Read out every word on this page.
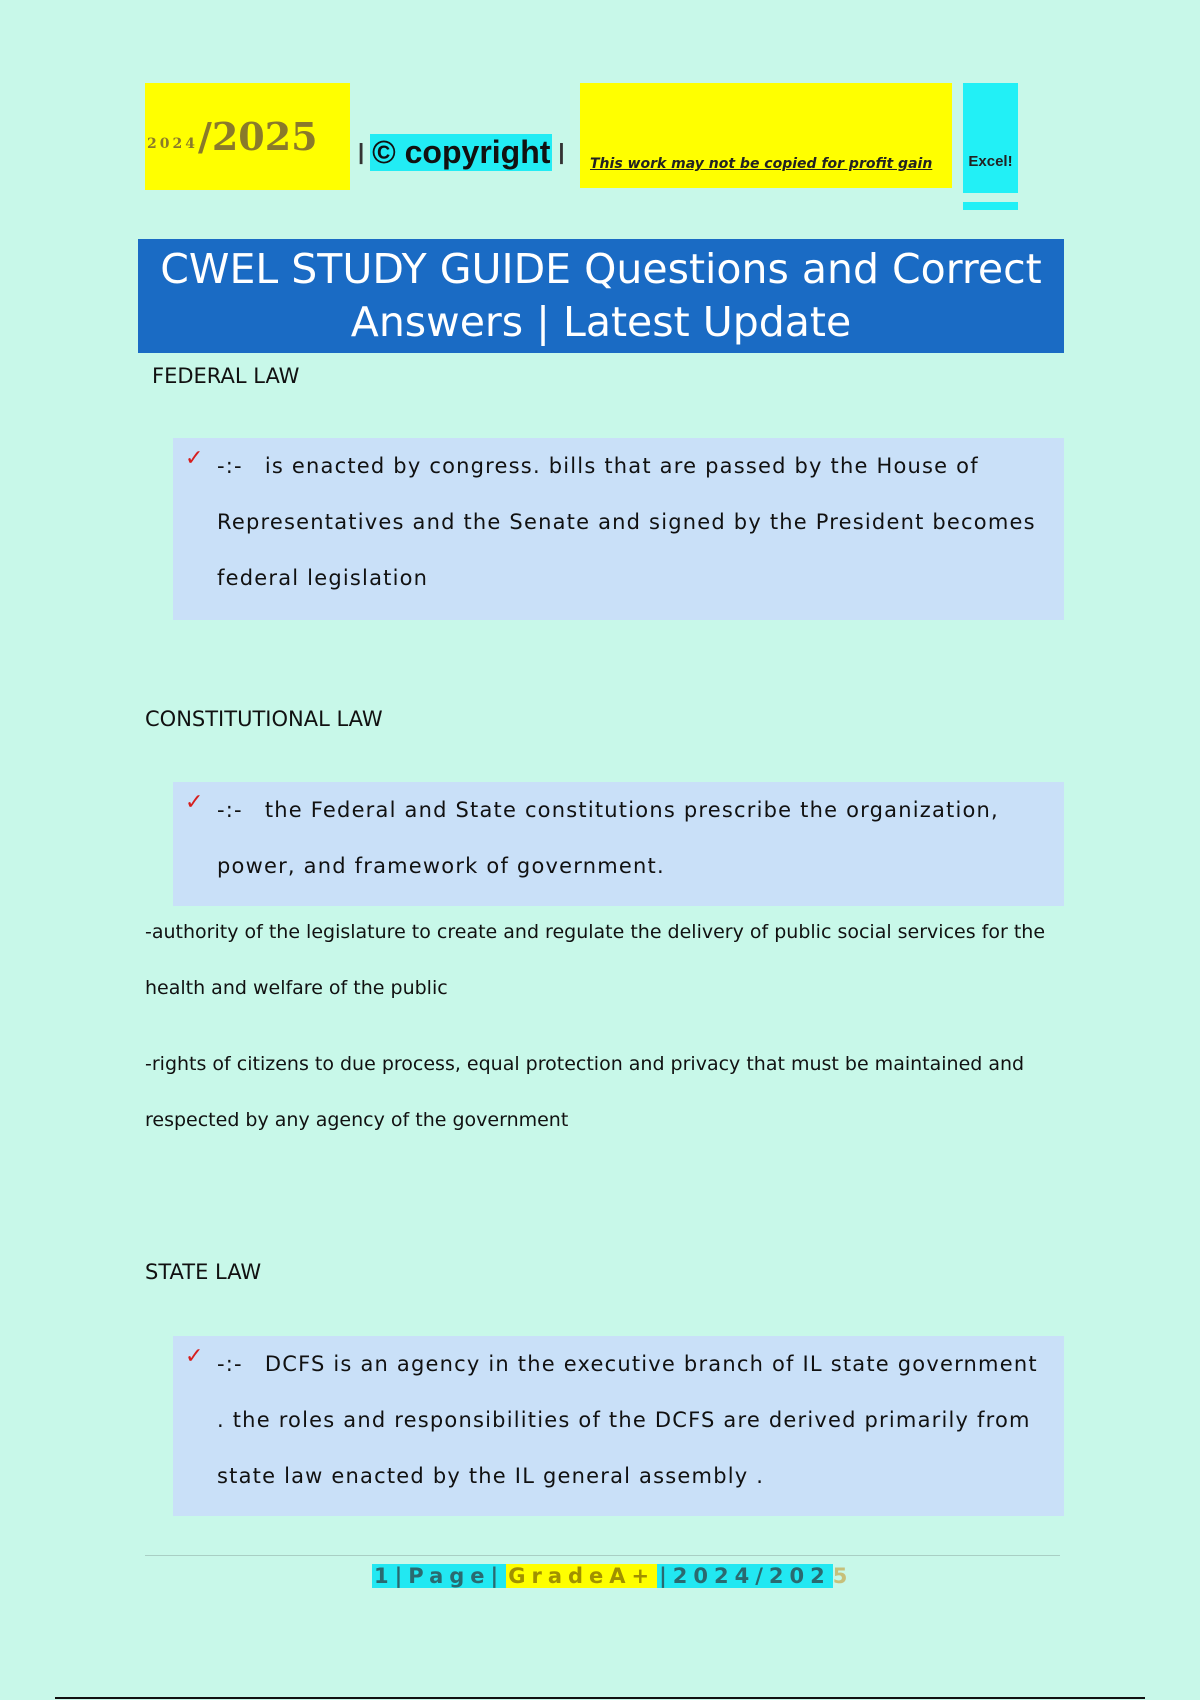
2024 /2025 | © copyright |	This work may not be copied for profit gain	Excel!
CWEL STUDY GUIDE Questions and Correct Answers | Latest Update
FEDERAL LAW
✓ -:- is enacted by congress. bills that are passed by the House of Representatives and the Senate and signed by the President becomes federal legislation
CONSTITUTIONAL LAW
✓ -:- the Federal and State constitutions prescribe the organization, power, and framework of government.
-authority of the legislature to create and regulate the delivery of public social services for the health and welfare of the public
-rights of citizens to due process, equal protection and privacy that must be maintained and respected by any agency of the government
STATE LAW
✓ -:- DCFS is an agency in the executive branch of IL state government . the roles and responsibilities of the DCFS are derived primarily from state law enacted by the IL general assembly .
1|Page| GradeA+ |2024/202 5
